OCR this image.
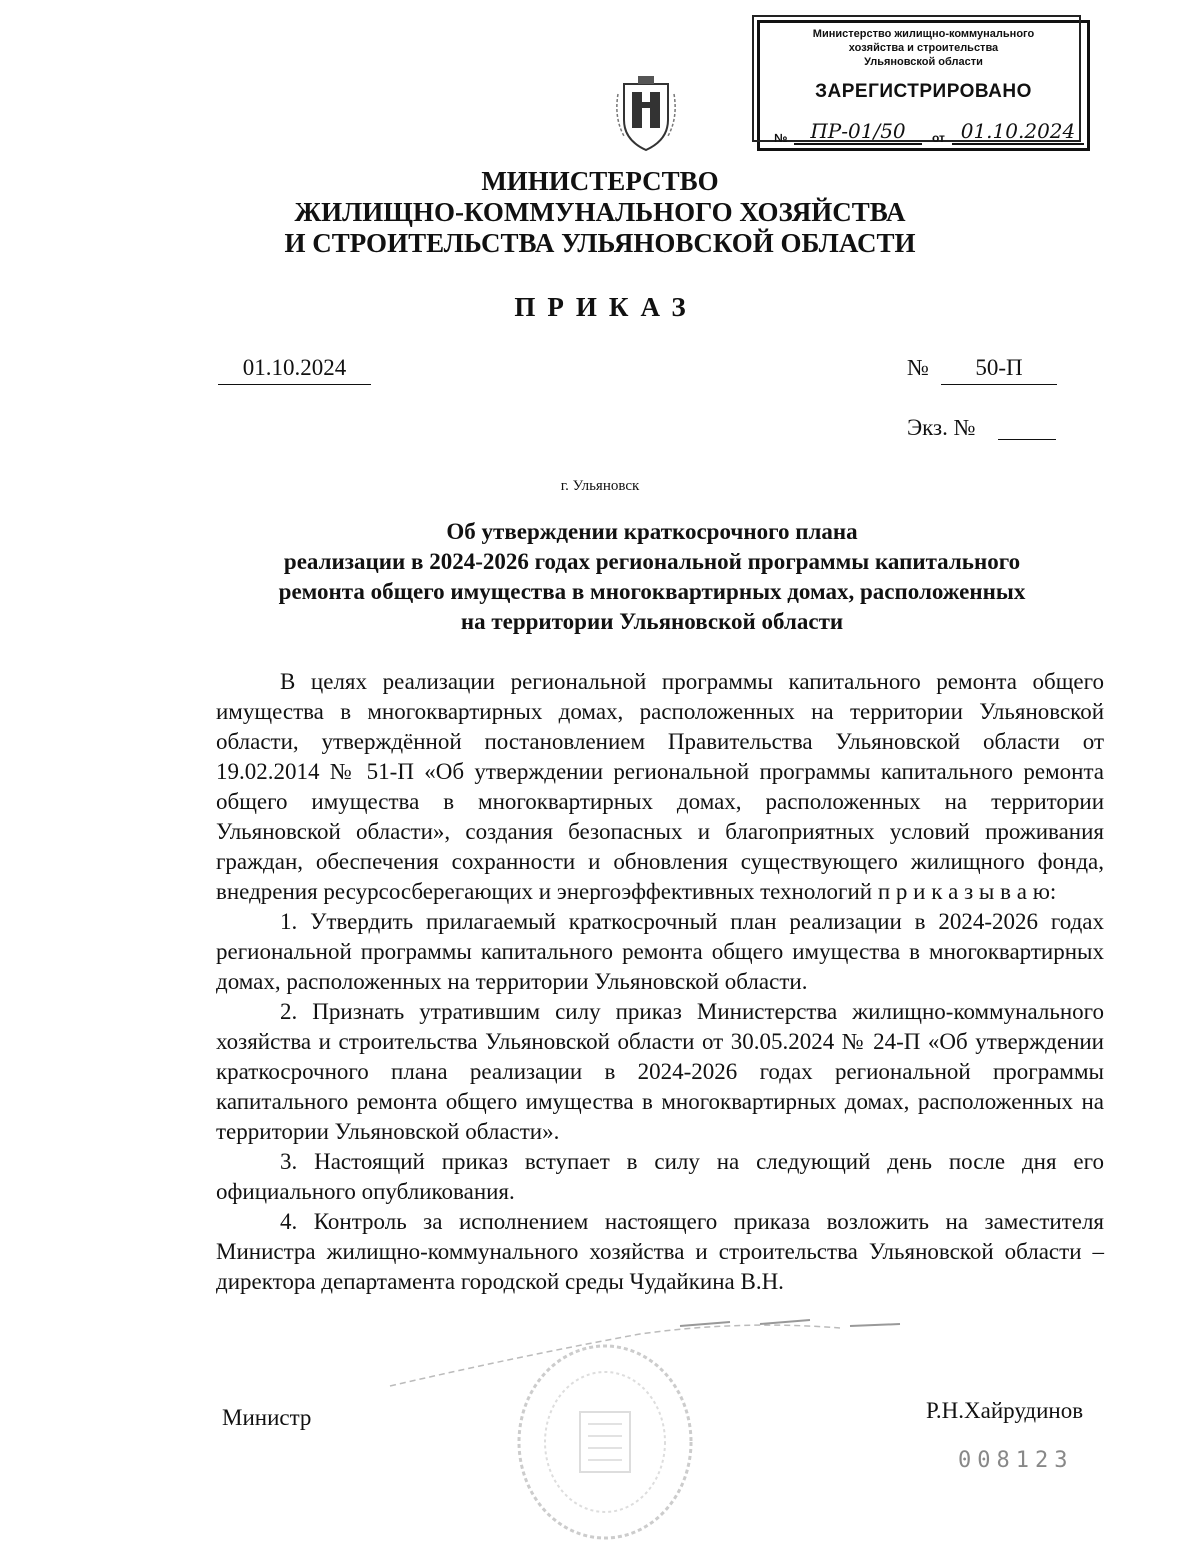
Министерство жилищно-коммунального
хозяйства и строительства
Ульяновской области
ЗАРЕГИСТРИРОВАНО
№	ПР-01/50	от 01.10.2024
МИНИСТЕРСТВО
ЖИЛИЩНО-КОММУНАЛЬНОГО ХОЗЯЙСТВА
И СТРОИТЕЛЬСТВА УЛЬЯНОВСКОЙ ОБЛАСТИ
ПРИКАЗ
01.10.2024	№	50-П
Экз. №
г. Ульяновск
Об утверждении краткосрочного плана
реализации в 2024-2026 годах региональной программы капитального
ремонта общего имущества в многоквартирных домах, расположенных
на территории Ульяновской области

В целях реализации региональной программы капитального ремонта общего имущества в многоквартирных домах, расположенных на территории Ульяновской области, утверждённой постановлением Правительства Ульяновской области от 19.02.2014 № 51-П «Об утверждении региональной программы капитального ремонта общего имущества в многоквартирных домах, расположенных на территории Ульяновской области», создания безопасных и благоприятных условий проживания граждан, обеспечения сохранности и обновления существующего жилищного фонда, внедрения ресурсосберегающих и энергоэффективных технологий п р и к а з ы в а ю:

1. Утвердить прилагаемый краткосрочный план реализации в 2024-2026 годах региональной программы капитального ремонта общего имущества в многоквартирных домах, расположенных на территории Ульяновской области.

2. Признать утратившим силу приказ Министерства жилищно-коммунального хозяйства и строительства Ульяновской области от 30.05.2024 № 24-П «Об утверждении краткосрочного плана реализации в 2024-2026 годах региональной программы капитального ремонта общего имущества в многоквартирных домах, расположенных на территории Ульяновской области».

3. Настоящий приказ вступает в силу на следующий день после дня его официального опубликования.

4. Контроль за исполнением настоящего приказа возложить на заместителя Министра жилищно-коммунального хозяйства и строительства Ульяновской области – директора департамента городской среды Чудайкина В.Н.

Министр	Р.Н.Хайрудинов
008123
